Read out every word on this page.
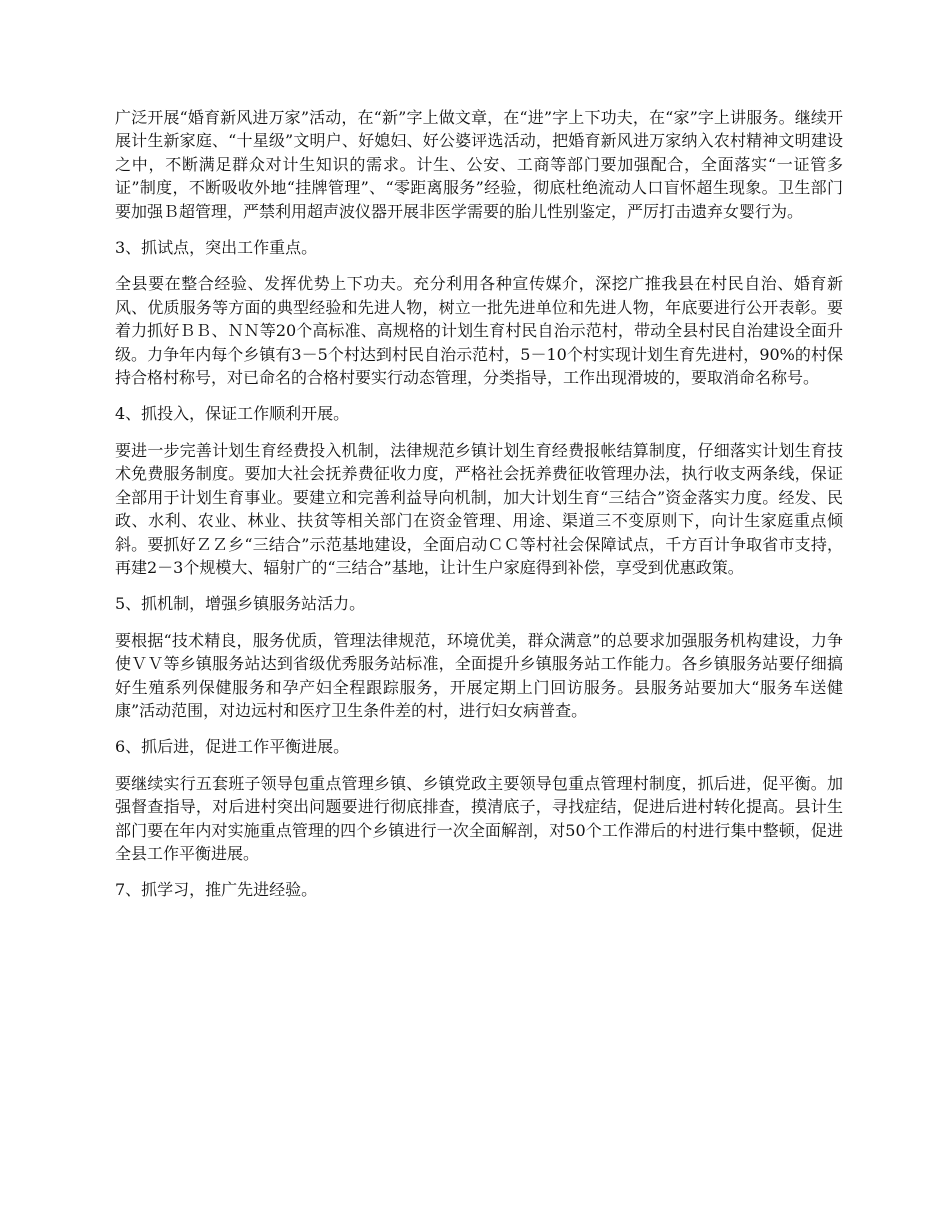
广泛开展“婚育新风进万家”活动，在“新”字上做文章，在“进”字上下功夫，在“家”字上讲服务。继续开展计生新家庭、“十星级”文明户、好媳妇、好公婆评选活动，把婚育新风进万家纳入农村精神文明建设之中，不断满足群众对计生知识的需求。计生、公安、工商等部门要加强配合，全面落实“一证管多证”制度，不断吸收外地“挂牌管理”、“零距离服务”经验，彻底杜绝流动人口盲怀超生现象。卫生部门要加强Ｂ超管理，严禁利用超声波仪器开展非医学需要的胎儿性别鉴定，严厉打击遗弃女婴行为。

3、抓试点，突出工作重点。

全县要在整合经验、发挥优势上下功夫。充分利用各种宣传媒介，深挖广推我县在村民自治、婚育新风、优质服务等方面的典型经验和先进人物，树立一批先进单位和先进人物，年底要进行公开表彰。要着力抓好ＢＢ、ＮＮ等20个高标准、高规格的计划生育村民自治示范村，带动全县村民自治建设全面升级。力争年内每个乡镇有3－5个村达到村民自治示范村，5－10个村实现计划生育先进村，90%的村保持合格村称号，对已命名的合格村要实行动态管理，分类指导，工作出现滑坡的，要取消命名称号。

4、抓投入，保证工作顺利开展。

要进一步完善计划生育经费投入机制，法律规范乡镇计划生育经费报帐结算制度，仔细落实计划生育技术免费服务制度。要加大社会抚养费征收力度，严格社会抚养费征收管理办法，执行收支两条线，保证全部用于计划生育事业。要建立和完善利益导向机制，加大计划生育“三结合”资金落实力度。经发、民政、水利、农业、林业、扶贫等相关部门在资金管理、用途、渠道三不变原则下，向计生家庭重点倾斜。要抓好ＺＺ乡“三结合”示范基地建设，全面启动ＣＣ等村社会保障试点，千方百计争取省市支持，再建2－3个规模大、辐射广的“三结合”基地，让计生户家庭得到补偿，享受到优惠政策。

5、抓机制，增强乡镇服务站活力。

要根据“技术精良，服务优质，管理法律规范，环境优美，群众满意”的总要求加强服务机构建设，力争使ＶＶ等乡镇服务站达到省级优秀服务站标准，全面提升乡镇服务站工作能力。各乡镇服务站要仔细搞好生殖系列保健服务和孕产妇全程跟踪服务，开展定期上门回访服务。县服务站要加大“服务车送健康”活动范围，对边远村和医疗卫生条件差的村，进行妇女病普查。

6、抓后进，促进工作平衡进展。

要继续实行五套班子领导包重点管理乡镇、乡镇党政主要领导包重点管理村制度，抓后进，促平衡。加强督查指导，对后进村突出问题要进行彻底排查，摸清底子，寻找症结，促进后进村转化提高。县计生部门要在年内对实施重点管理的四个乡镇进行一次全面解剖，对50个工作滞后的村进行集中整顿，促进全县工作平衡进展。

7、抓学习，推广先进经验。
